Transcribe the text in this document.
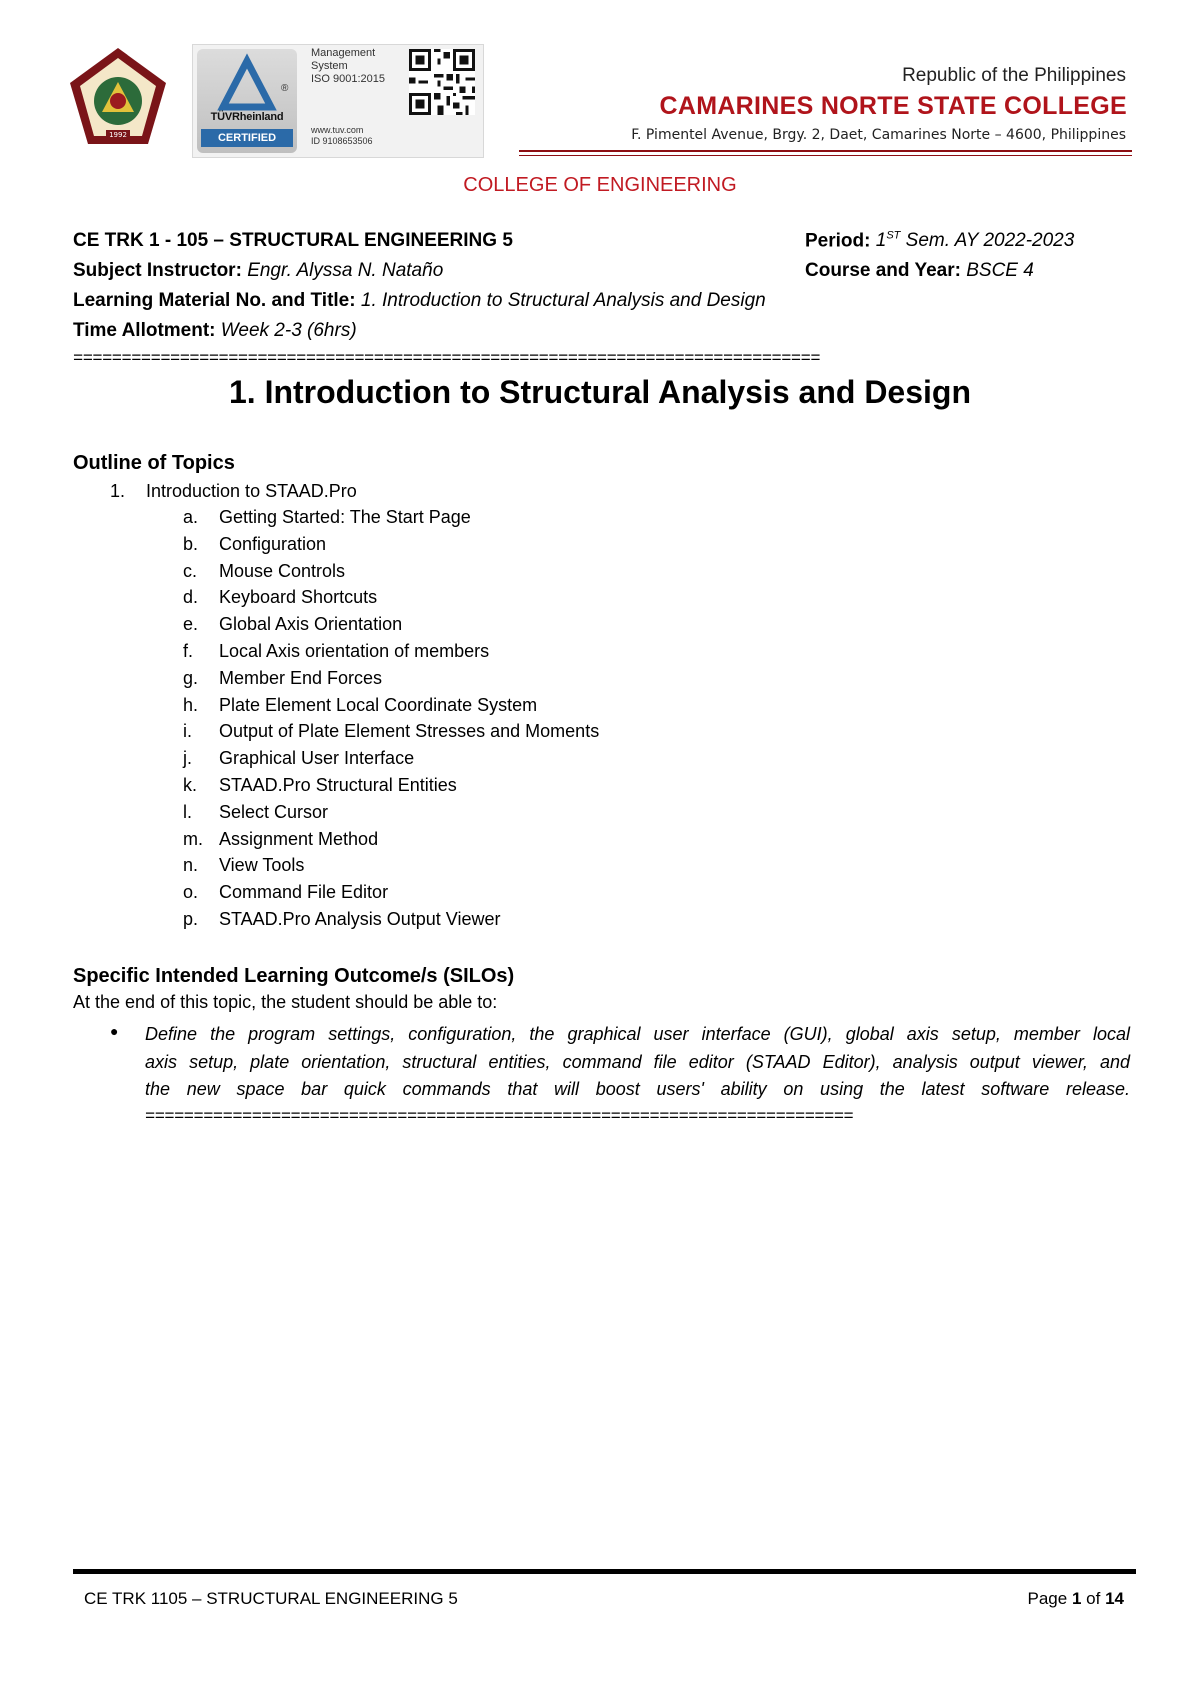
1992
TÜVRheinland
CERTIFIED
®
Management
System
ISO 9001:2015
www.tuv.com
ID 9108653506
Republic of the Philippines
CAMARINES NORTE STATE COLLEGE
F. Pimentel Avenue, Brgy. 2, Daet, Camarines Norte – 4600, Philippines
COLLEGE OF ENGINEERING
CE TRK 1 - 105 – STRUCTURAL ENGINEERING 5	Period: 1ST Sem. AY 2022-2023
Subject Instructor: Engr. Alyssa N. Nataño	Course and Year: BSCE 4
Learning Material No. and Title: 1. Introduction to Structural Analysis and Design
Time Allotment: Week 2-3 (6hrs)
=============================================================================
1. Introduction to Structural Analysis and Design
Outline of Topics
1.	Introduction to STAAD.Pro
a.	Getting Started: The Start Page
b.	Configuration
c.	Mouse Controls
d.	Keyboard Shortcuts
e.	Global Axis Orientation
f.	Local Axis orientation of members
g.	Member End Forces
h.	Plate Element Local Coordinate System
i.	Output of Plate Element Stresses and Moments
j.	Graphical User Interface
k.	STAAD.Pro Structural Entities
l.	Select Cursor
m. Assignment Method
n.	View Tools
o.	Command File Editor
p.	STAAD.Pro Analysis Output Viewer
Specific Intended Learning Outcome/s (SILOs)
At the end of this topic, the student should be able to:
● Define the program settings, configuration, the graphical user interface (GUI), global axis setup, member local
axis setup, plate orientation, structural entities, command file editor (STAAD Editor), analysis output viewer, and
the new space bar quick commands that will boost users' ability on using the latest software release.
=========================================================================
CE TRK 1105 – STRUCTURAL ENGINEERING 5	Page 1 of 14
